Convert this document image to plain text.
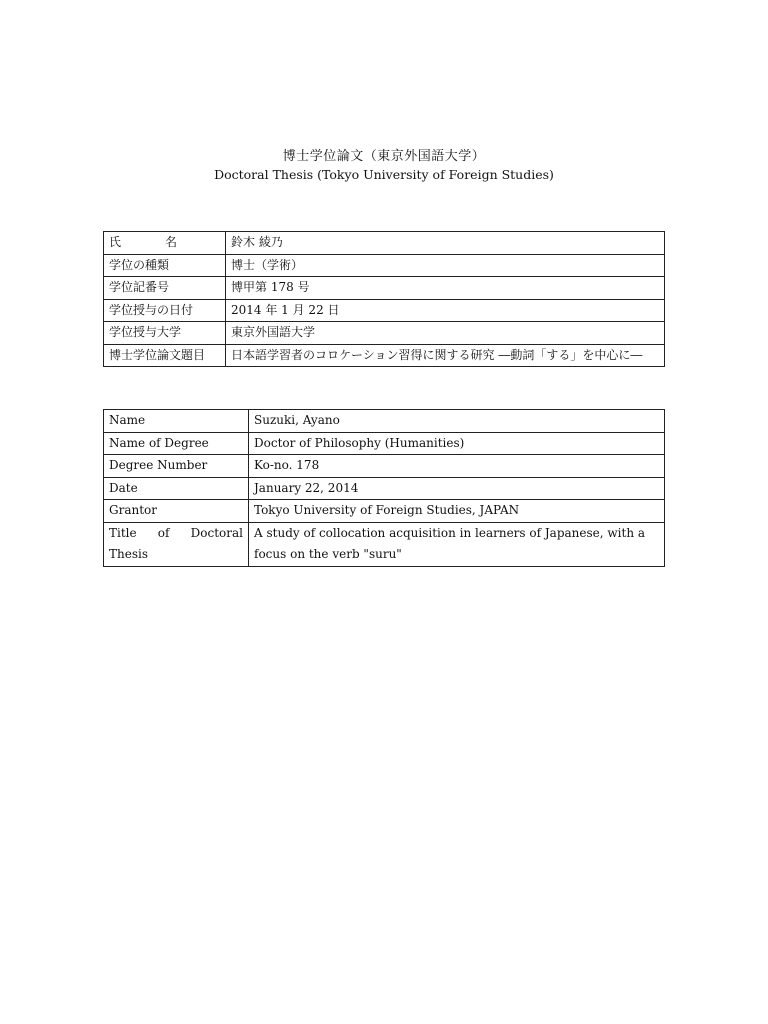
博士学位論文（東京外国語大学）
Doctoral Thesis (Tokyo University of Foreign Studies)
氏 名	鈴木 綾乃
学位の種類	博士（学術）
学位記番号	博甲第 178 号
学位授与の日付	2014 年 1 月 22 日
学位授与大学	東京外国語大学
博士学位論文題目	日本語学習者のコロケーション習得に関する研究 ―動詞「する」を中心に―
Name	Suzuki, Ayano
Name of Degree	Doctor of Philosophy (Humanities)
Degree Number	Ko-no. 178
Date	January 22, 2014
Grantor	Tokyo University of Foreign Studies, JAPAN
Title of Doctoral Thesis	A study of collocation acquisition in learners of Japanese, with a focus on the verb "suru"
